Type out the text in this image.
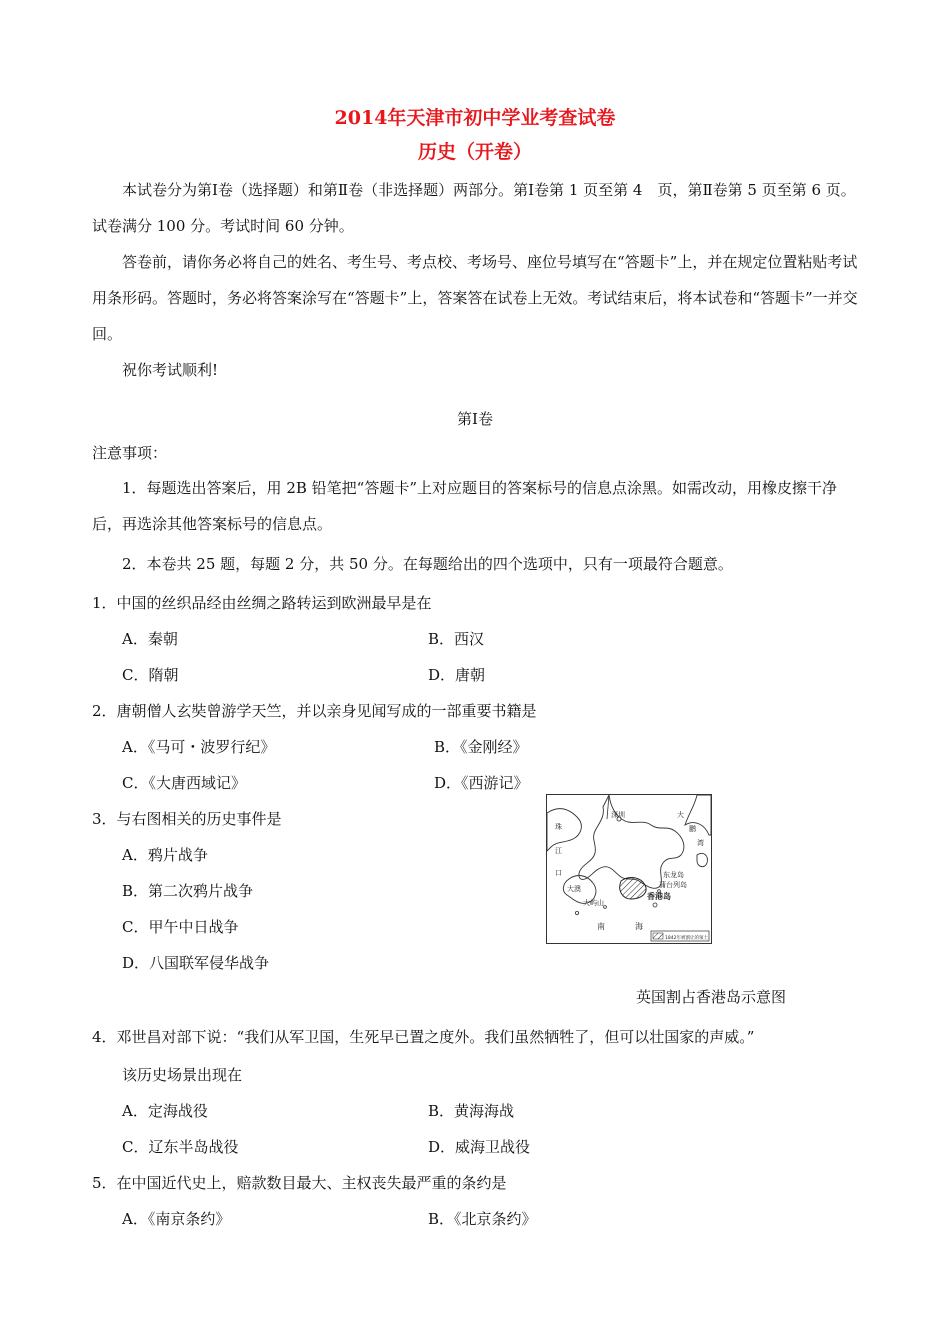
2014年天津市初中学业考查试卷
历史（开卷）
本试卷分为第Ⅰ卷（选择题）和第Ⅱ卷（非选择题）两部分。第Ⅰ卷第 1 页至第 4　页，第Ⅱ卷第 5 页至第 6 页。试卷满分 100 分。考试时间 60 分钟。
答卷前，请你务必将自己的姓名、考生号、考点校、考场号、座位号填写在“答题卡”上，并在规定位置粘贴考试用条形码。答题时，务必将答案涂写在“答题卡”上，答案答在试卷上无效。考试结束后，将本试卷和“答题卡”一并交回。
祝你考试顺利!
第Ⅰ卷
注意事项：
1．每题选出答案后，用 2B 铅笔把“答题卡”上对应题目的答案标号的信息点涂黑。如需改动，用橡皮擦干净后，再选涂其他答案标号的信息点。
2．本卷共 25 题，每题 2 分，共 50 分。在每题给出的四个选项中，只有一项最符合题意。
1．中国的丝织品经由丝绸之路转运到欧洲最早是在
A．秦朝	B．西汉
C．隋朝	D．唐朝
2．唐朝僧人玄奘曾游学天竺，并以亲身见闻写成的一部重要书籍是
A．《马可・波罗行纪》	B．《金刚经》
C．《大唐西域记》	D．《西游记》
3．与右图相关的历史事件是
A．鸦片战争
B．第二次鸦片战争
C．甲午中日战争
D．八国联军侵华战争
深圳
珠
江
口
大
鹏
湾
大澳
大屿山
香港岛
蒲台列岛
东龙岛
南	海
1842年被割让的领土
英国割占香港岛示意图
4．邓世昌对部下说：“我们从军卫国，生死早已置之度外。我们虽然牺牲了，但可以壮国家的声威。”
该历史场景出现在
A．定海战役	B．黄海海战
C．辽东半岛战役	D．威海卫战役
5．在中国近代史上，赔款数目最大、主权丧失最严重的条约是
A．《南京条约》	B．《北京条约》
